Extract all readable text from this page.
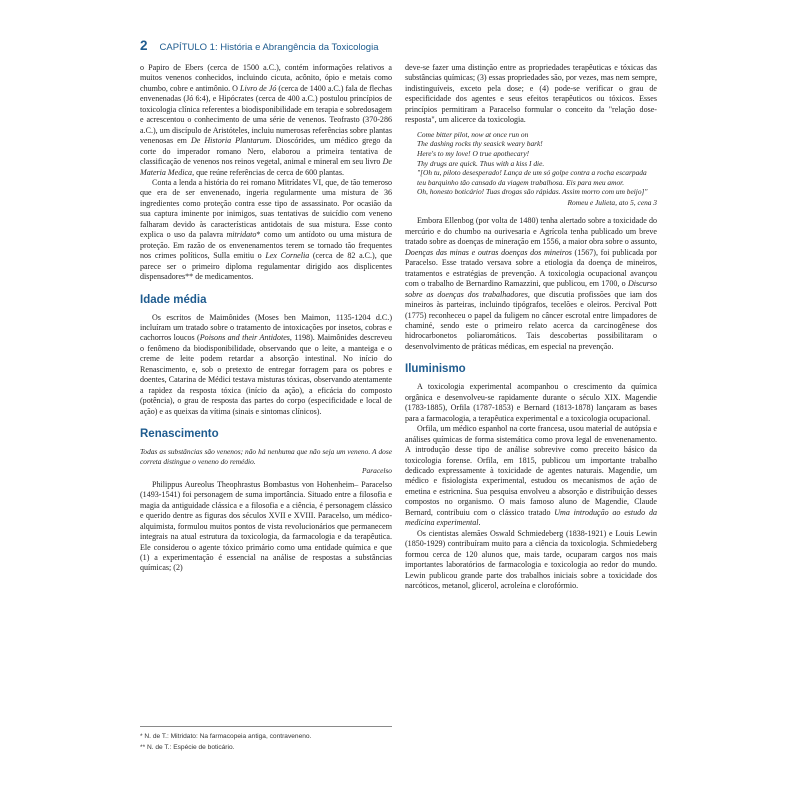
2 CAPÍTULO 1: História e Abrangência da Toxicologia

o Papiro de Ebers (cerca de 1500 a.C.), contém informações relativos a muitos venenos conhecidos, incluindo cicuta, acônito, ópio e metais como chumbo, cobre e antimônio. O Livro de Jó (cerca de 1400 a.C.) fala de flechas envenenadas (Jó 6:4), e Hipócrates (cerca de 400 a.C.) postulou princípios de toxicologia clínica referentes a biodisponibilidade em terapia e sobredosagem e acrescentou o conhecimento de uma série de venenos. Teofrasto (370-286 a.C.), um discípulo de Aristóteles, incluiu numerosas referências sobre plantas venenosas em De Historia Plantarum. Dioscórides, um médico grego da corte do imperador romano Nero, elaborou a primeira tentativa de classificação de venenos nos reinos vegetal, animal e mineral em seu livro De Materia Medica, que reúne referências de cerca de 600 plantas.

Conta a lenda a história do rei romano Mitrídates VI, que, de tão temeroso que era de ser envenenado, ingeria regularmente uma mistura de 36 ingredientes como proteção contra esse tipo de assassinato. Por ocasião da sua captura iminente por inimigos, suas tentativas de suicídio com veneno falharam devido às características antidotais de sua mistura. Esse conto explica o uso da palavra mitridato* como um antídoto ou uma mistura de proteção. Em razão de os envenenamentos terem se tornado tão frequentes nos crimes políticos, Sulla emitiu o Lex Cornelia (cerca de 82 a.C.), que parece ser o primeiro diploma regulamentar dirigido aos displicentes dispensadores** de medicamentos.

Idade média

Os escritos de Maimônides (Moses ben Maimon, 1135-1204 d.C.) incluíram um tratado sobre o tratamento de intoxicações por insetos, cobras e cachorros loucos (Poisons and their Antidotes, 1198). Maimônides descreveu o fenômeno da biodisponibilidade, observando que o leite, a manteiga e o creme de leite podem retardar a absorção intestinal. No início do Renascimento, e, sob o pretexto de entregar forragem para os pobres e doentes, Catarina de Médici testava misturas tóxicas, observando atentamente a rapidez da resposta tóxica (início da ação), a eficácia do composto (potência), o grau de resposta das partes do corpo (especificidade e local de ação) e as queixas da vítima (sinais e sintomas clínicos).

Renascimento

Todas as substâncias são venenos; não há nenhuma que não seja um veneno. A dose correta distingue o veneno do remédio.

Paracelso

Philippus Aureolus Theophrastus Bombastus von Hohenheim– Paracelso (1493-1541) foi personagem de suma importância. Situado entre a filosofia e magia da antiguidade clássica e a filosofia e a ciência, é personagem clássico e querido dentre as figuras dos séculos XVII e XVIII. Paracelso, um médico-alquimista, formulou muitos pontos de vista revolucionários que permanecem integrais na atual estrutura da toxicologia, da farmacologia e da terapêutica. Ele considerou o agente tóxico primário como uma entidade química e que (1) a experimentação é essencial na análise de respostas a substâncias químicas; (2)

* N. de T.: Mitridato: Na farmacopeia antiga, contraveneno.
** N. de T.: Espécie de boticário.

deve-se fazer uma distinção entre as propriedades terapêuticas e tóxicas das substâncias químicas; (3) essas propriedades são, por vezes, mas nem sempre, indistinguíveis, exceto pela dose; e (4) pode-se verificar o grau de especificidade dos agentes e seus efeitos terapêuticos ou tóxicos. Esses princípios permitiram a Paracelso formular o conceito da "relação dose-resposta", um alicerce da toxicologia.

Come bitter pilot, now at once run on
The dashing rocks thy seasick weary bark!
Here's to my love! O true apothecary!
Thy drugs are quick. Thus with a kiss I die.
"[Oh tu, piloto desesperado! Lança de um só golpe contra a rocha escarpada teu barquinho tão cansado da viagem trabalhosa. Eis para meu amor.
Oh, honesto boticário! Tuas drogas são rápidas. Assim morro com um beijo]"

Romeu e Julieta, ato 5, cena 3

Embora Ellenbog (por volta de 1480) tenha alertado sobre a toxicidade do mercúrio e do chumbo na ourivesaria e Agrícola tenha publicado um breve tratado sobre as doenças de mineração em 1556, a maior obra sobre o assunto, Doenças das minas e outras doenças dos mineiros (1567), foi publicada por Paracelso. Esse tratado versava sobre a etiologia da doença de mineiros, tratamentos e estratégias de prevenção. A toxicologia ocupacional avançou com o trabalho de Bernardino Ramazzini, que publicou, em 1700, o Discurso sobre as doenças dos trabalhadores, que discutia profissões que iam dos mineiros às parteiras, incluindo tipógrafos, tecelões e oleiros. Percival Pott (1775) reconheceu o papel da fuligem no câncer escrotal entre limpadores de chaminé, sendo este o primeiro relato acerca da carcinogênese dos hidrocarbonetos poliaromáticos. Tais descobertas possibilitaram o desenvolvimento de práticas médicas, em especial na prevenção.

Iluminismo

A toxicologia experimental acompanhou o crescimento da química orgânica e desenvolveu-se rapidamente durante o século XIX. Magendie (1783-1885), Orfila (1787-1853) e Bernard (1813-1878) lançaram as bases para a farmacologia, a terapêutica experimental e a toxicologia ocupacional.

Orfila, um médico espanhol na corte francesa, usou material de autópsia e análises químicas de forma sistemática como prova legal de envenenamento. A introdução desse tipo de análise sobrevive como preceito básico da toxicologia forense. Orfila, em 1815, publicou um importante trabalho dedicado expressamente à toxicidade de agentes naturais. Magendie, um médico e fisiologista experimental, estudou os mecanismos de ação de emetina e estricnina. Sua pesquisa envolveu a absorção e distribuição desses compostos no organismo. O mais famoso aluno de Magendie, Claude Bernard, contribuiu com o clássico tratado Uma introdução ao estudo da medicina experimental.

Os cientistas alemães Oswald Schmiedeberg (1838-1921) e Louis Lewin (1850-1929) contribuíram muito para a ciência da toxicologia. Schmiedeberg formou cerca de 120 alunos que, mais tarde, ocuparam cargos nos mais importantes laboratórios de farmacologia e toxicologia ao redor do mundo. Lewin publicou grande parte dos trabalhos iniciais sobre a toxicidade dos narcóticos, metanol, glicerol, acroleína e clorofórmio.
